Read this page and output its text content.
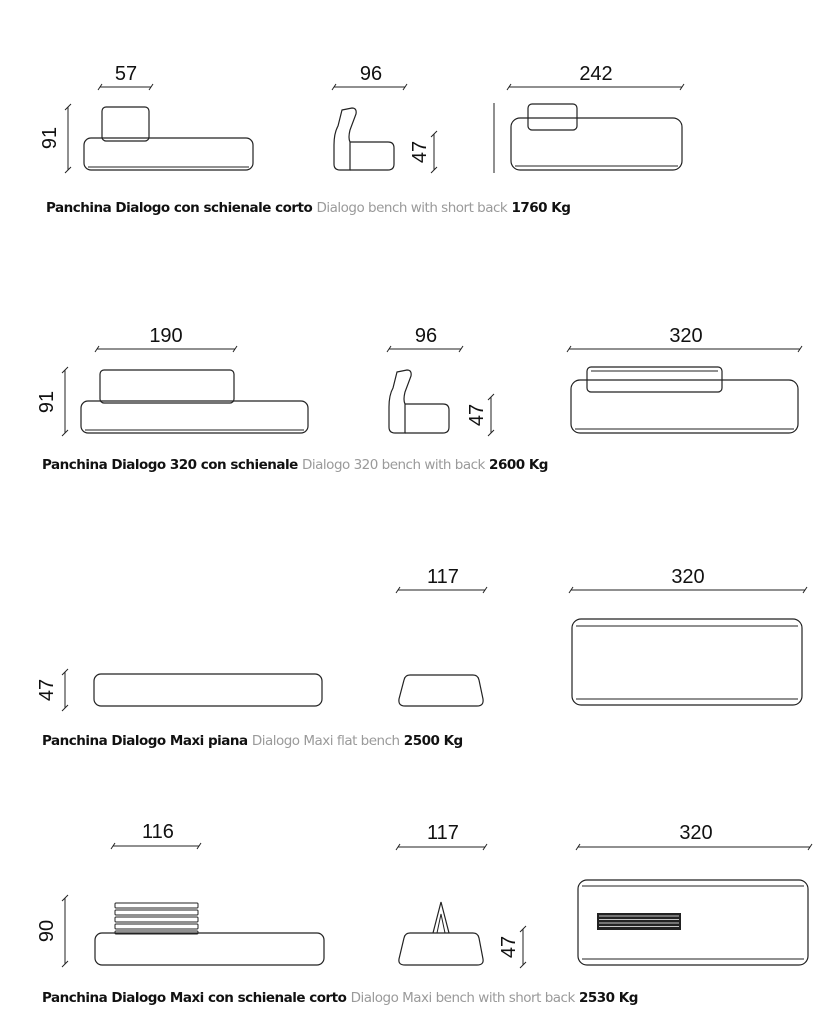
57
91
96
47
242
190
91
96
47
320
47
117	320
116
90
117
47
320
Panchina Dialogo con schienale corto Dialogo bench with short back 1760 Kg
Panchina Dialogo 320 con schienale Dialogo 320 bench with back 2600 Kg
Panchina Dialogo Maxi piana Dialogo Maxi flat bench 2500 Kg
Panchina Dialogo Maxi con schienale corto Dialogo Maxi bench with short back 2530 Kg
